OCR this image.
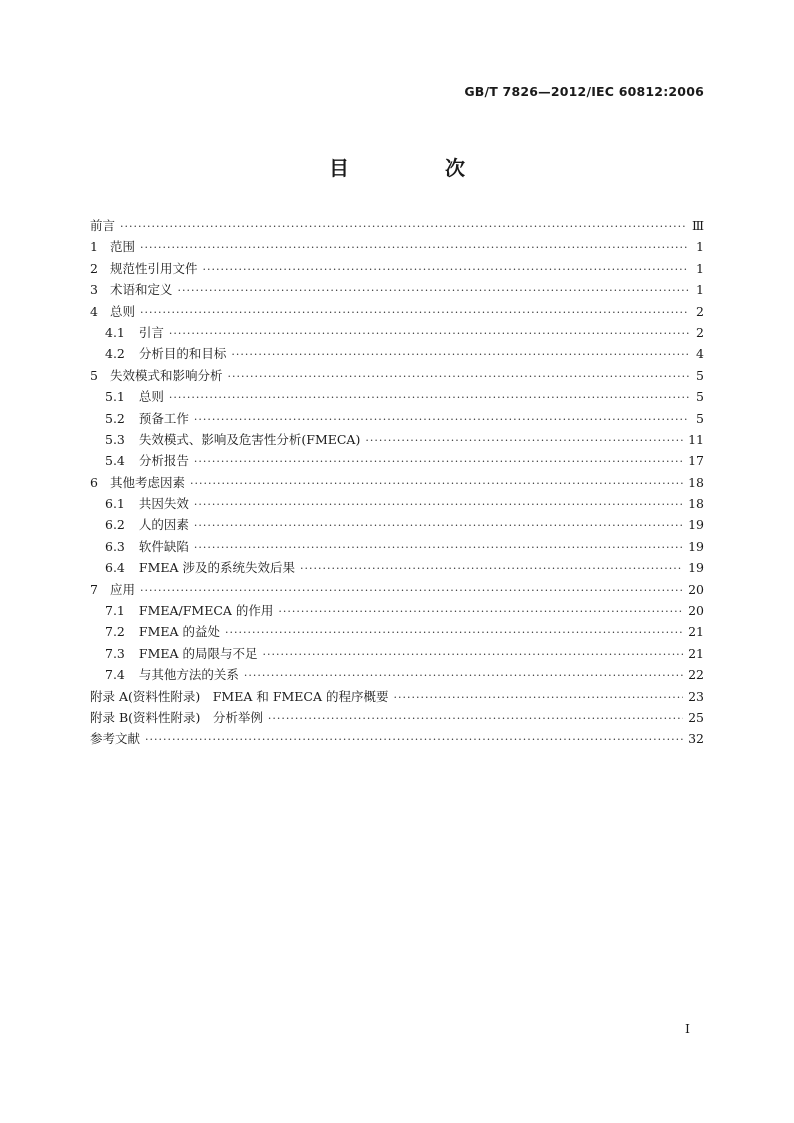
GB/T 7826—2012/IEC 60812:2006
目　次
前言 ·····	Ⅲ
1 范围 ·····	1
2 规范性引用文件 ·····	1
3 术语和定义 ·····	1
4 总则 ·····	2
4.1 引言 ·····	2
4.2 分析目的和目标 ·····	4
5 失效模式和影响分析 ·····	5
5.1 总则 ·····	5
5.2 预备工作 ·····	5
5.3 失效模式、影响及危害性分析(FMECA) ·····	11
5.4 分析报告 ·····	17
6 其他考虑因素 ·····	18
6.1 共因失效 ·····	18
6.2 人的因素 ·····	19
6.3 软件缺陷 ·····	19
6.4 FMEA 涉及的系统失效后果 ·····	19
7 应用 ·····	20
7.1 FMEA/FMECA 的作用 ·····	20
7.2 FMEA 的益处 ·····	21
7.3 FMEA 的局限与不足 ·····	21
7.4 与其他方法的关系 ·····	22
附录 A(资料性附录)　FMEA 和 FMECA 的程序概要 ·····	23
附录 B(资料性附录)　分析举例 ·····	25
参考文献 ·····	32
I
